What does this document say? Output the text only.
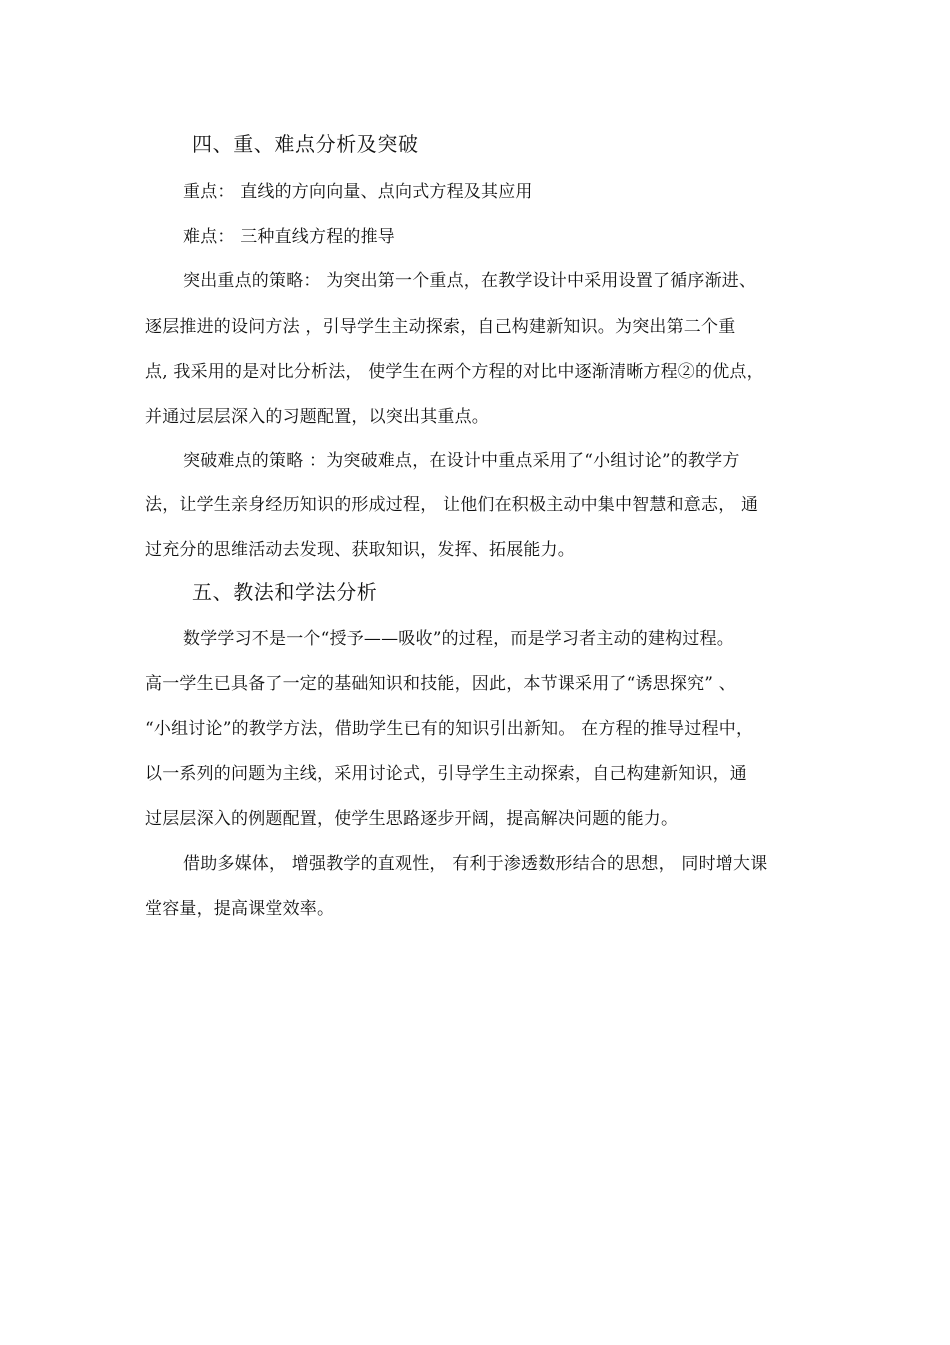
四、重、难点分析及突破
重点： 直线的方向向量、点向式方程及其应用
难点： 三种直线方程的推导
突出重点的策略： 为突出第一个重点，在教学设计中采用设置了循序渐进、
逐层推进的设问方法 ，引导学生主动探索，自己构建新知识。为突出第二个重
点, 我采用的是对比分析法， 使学生在两个方程的对比中逐渐清晰方程②的优点，
并通过层层深入的习题配置，以突出其重点。
突破难点的策略 ：为突破难点，在设计中重点采用了“小组讨论”的教学方
法，让学生亲身经历知识的形成过程， 让他们在积极主动中集中智慧和意志， 通
过充分的思维活动去发现、获取知识，发挥、拓展能力。
五、教法和学法分析
数学学习不是一个“授予——吸收”的过程，而是学习者主动的建构过程。
高一学生已具备了一定的基础知识和技能，因此，本节课采用了“诱思探究” 、
“小组讨论”的教学方法，借助学生已有的知识引出新知。 在方程的推导过程中，
以一系列的问题为主线，采用讨论式，引导学生主动探索，自己构建新知识，通
过层层深入的例题配置，使学生思路逐步开阔，提高解决问题的能力。
借助多媒体， 增强教学的直观性， 有利于渗透数形结合的思想， 同时增大课
堂容量，提高课堂效率。
